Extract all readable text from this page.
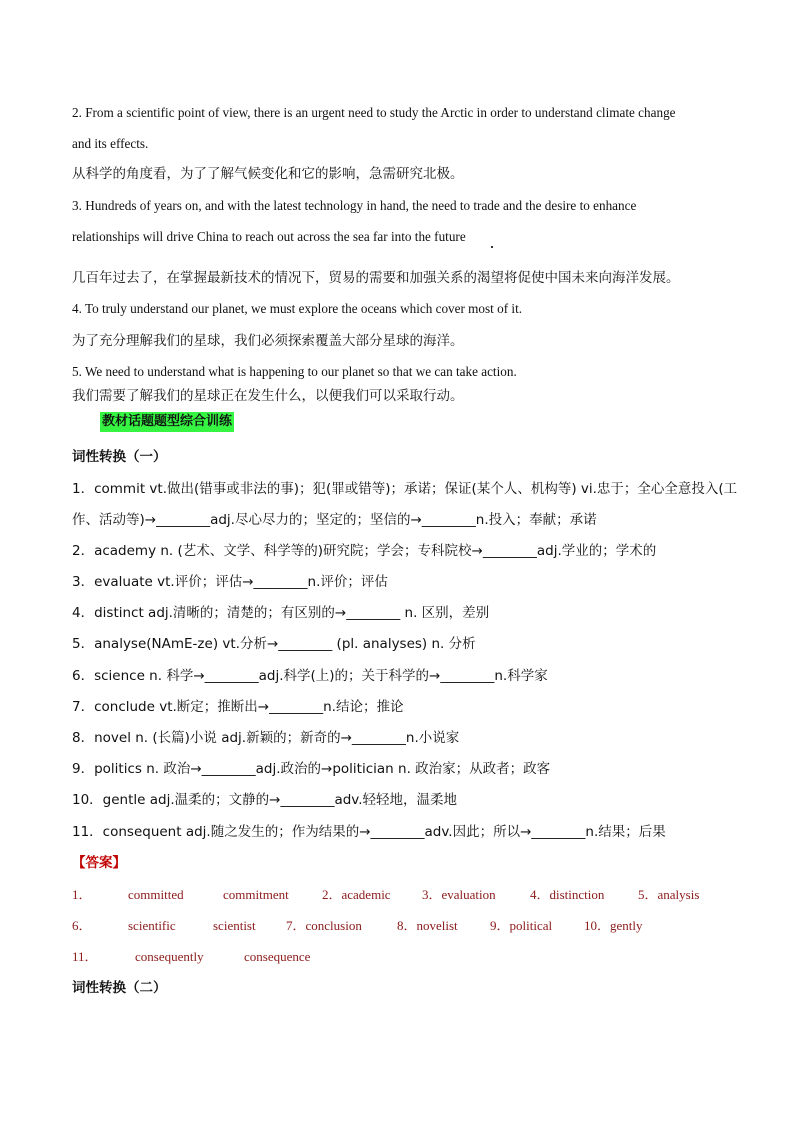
2. From a scientific point of view, there is an urgent need to study the Arctic in order to understand climate change
and its effects.
从科学的角度看，为了了解气候变化和它的影响，急需研究北极。
3. Hundreds of years on, and with the latest technology in hand, the need to trade and the desire to enhance
relationships will drive China to reach out across the sea far into the future
几百年过去了，在掌握最新技术的情况下，贸易的需要和加强关系的渴望将促使中国未来向海洋发展。
4. To truly understand our planet, we must explore the oceans which cover most of it.
为了充分理解我们的星球，我们必须探索覆盖大部分星球的海洋。
5. We need to understand what is happening to our planet so that we can take action.
我们需要了解我们的星球正在发生什么，以便我们可以采取行动。
教材话题题型综合训练
词性转换（一）
1．commit vt.做出(错事或非法的事)；犯(罪或错等)；承诺；保证(某个人、机构等) vi.忠于；全心全意投入(工
作、活动等)→________adj.尽心尽力的；坚定的；坚信的→________n.投入；奉献；承诺
2．academy n. (艺术、文学、科学等的)研究院；学会；专科院校→________adj.学业的；学术的
3．evaluate vt.评价；评估→________n.评价；评估
4．distinct adj.清晰的；清楚的；有区别的→________ n. 区别，差别
5．analyse(NAmE-ze) vt.分析→________ (pl. analyses) n. 分析
6．science n. 科学→________adj.科学(上)的；关于科学的→________n.科学家
7．conclude vt.断定；推断出→________n.结论；推论
8．novel n. (长篇)小说 adj.新颖的；新奇的→________n.小说家
9．politics n. 政治→________adj.政治的→politician n. 政治家；从政者；政客
10．gentle adj.温柔的；文静的→________adv.轻轻地，温柔地
11．consequent adj.随之发生的；作为结果的→________adv.因此；所以→________n.结果；后果
【答案】
1．	committed	commitment	2．academic 3．evaluation	4．distinction	5．analysis
6．	scientific	scientist 7．conclusion	8．novelist 9．political 10．gently
11．	consequently	consequence
词性转换（二）
